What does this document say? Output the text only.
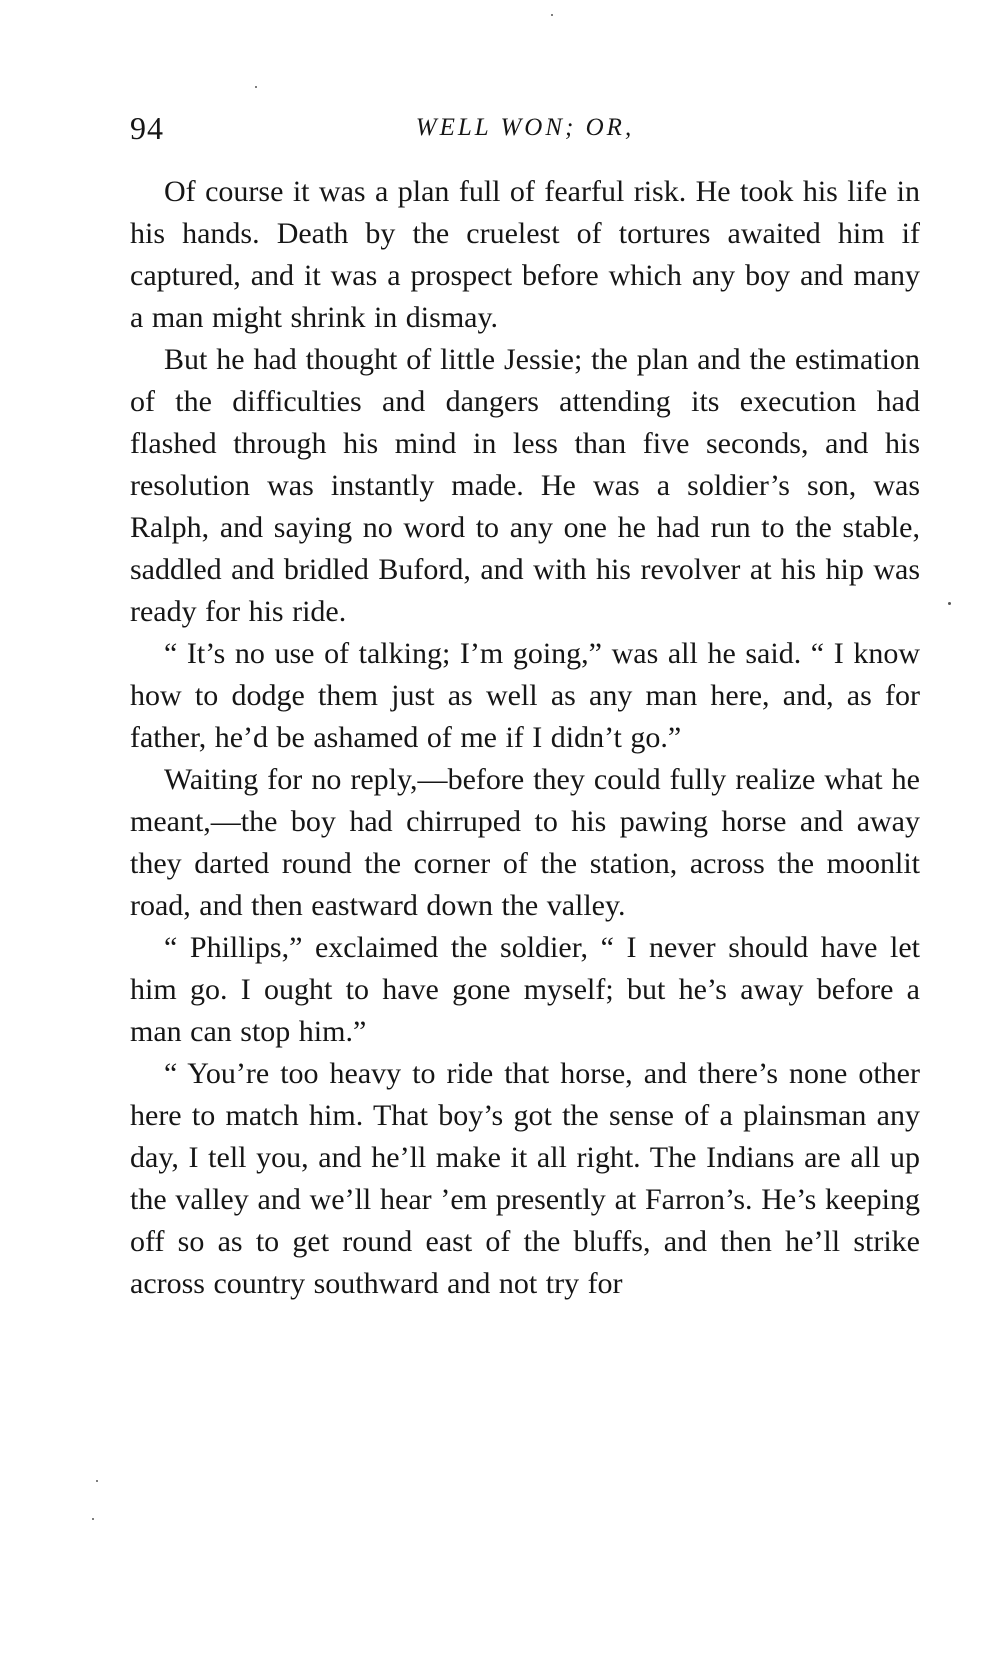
94	WELL WON; OR,

Of course it was a plan full of fearful risk. He took his life in his hands. Death by the cruelest of tortures awaited him if captured, and it was a prospect before which any boy and many a man might shrink in dismay.

But he had thought of little Jessie; the plan and the estimation of the difficulties and dangers attending its execution had flashed through his mind in less than five seconds, and his resolution was instantly made. He was a soldier’s son, was Ralph, and saying no word to any one he had run to the stable, saddled and bridled Buford, and with his revolver at his hip was ready for his ride.

“ It’s no use of talking; I’m going,” was all he said. “ I know how to dodge them just as well as any man here, and, as for father, he’d be ashamed of me if I didn’t go.”

Waiting for no reply,—before they could fully realize what he meant,—the boy had chirruped to his pawing horse and away they darted round the corner of the station, across the moonlit road, and then eastward down the valley.

“ Phillips,” exclaimed the soldier, “ I never should have let him go. I ought to have gone myself; but he’s away before a man can stop him.”

“ You’re too heavy to ride that horse, and there’s none other here to match him. That boy’s got the sense of a plainsman any day, I tell you, and he’ll make it all right. The Indians are all up the valley and we’ll hear ’em presently at Farron’s. He’s keeping off so as to get round east of the bluffs, and then he’ll strike across country southward and not try for
